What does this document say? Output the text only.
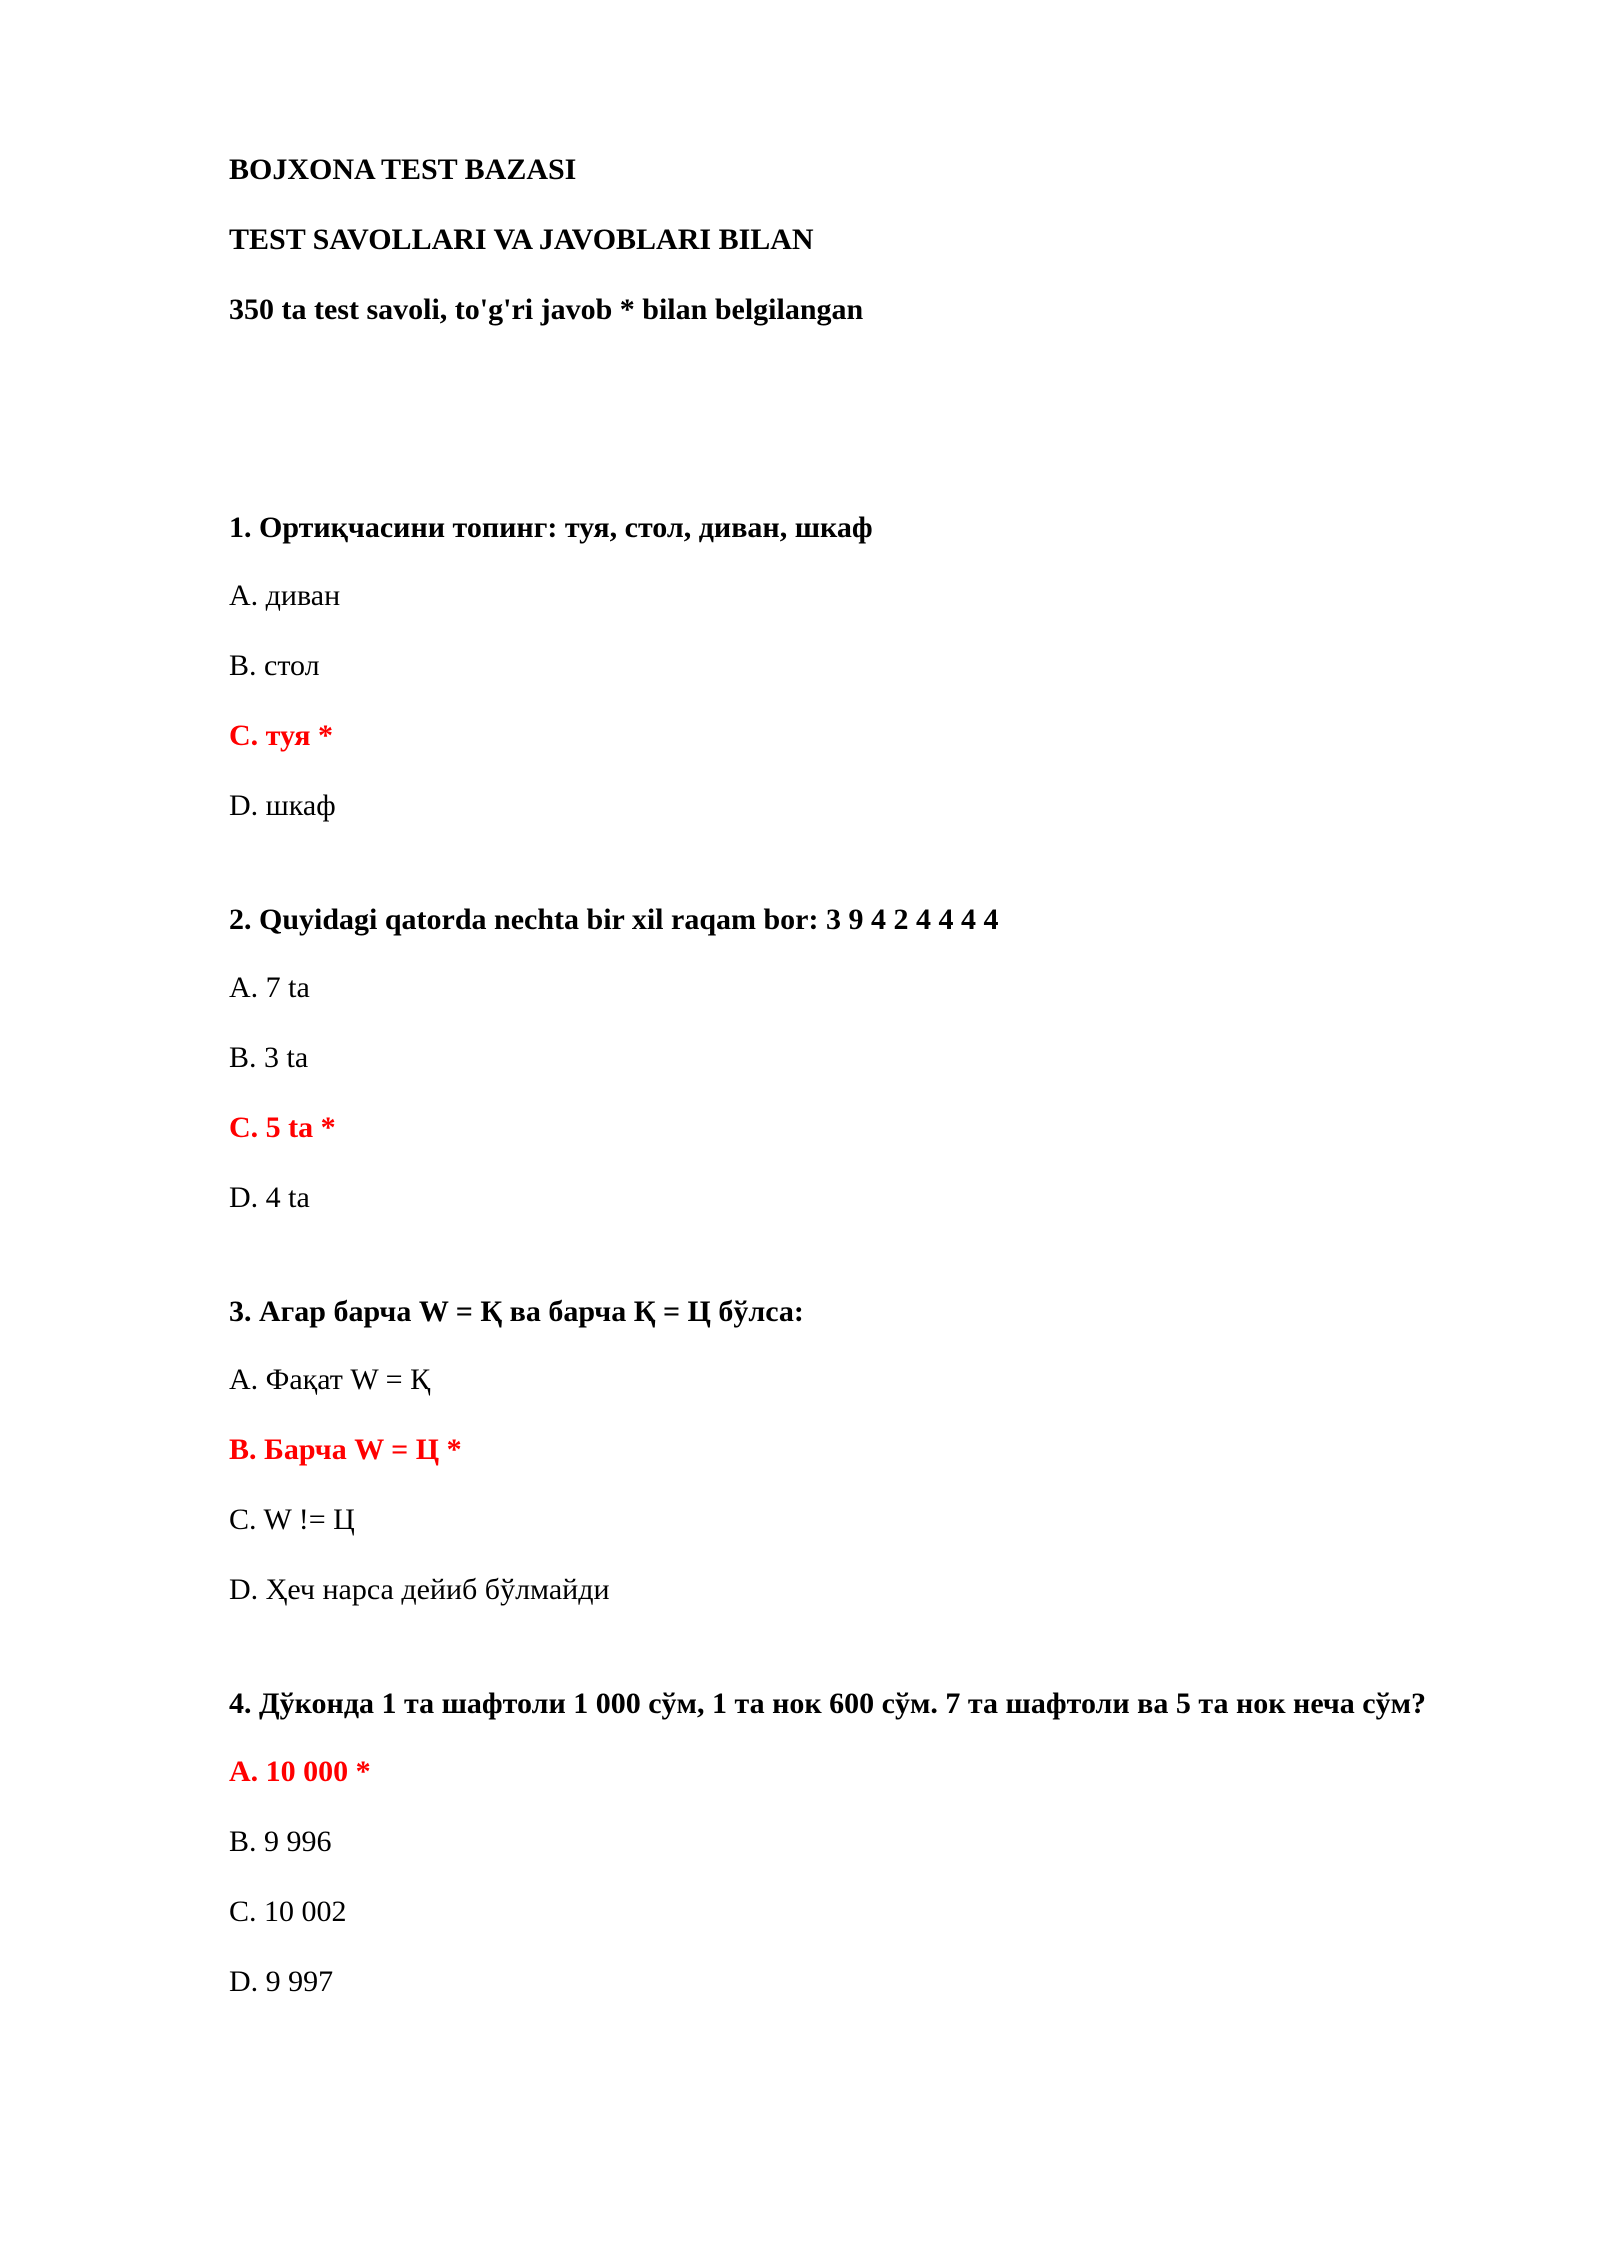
BOJXONA TEST BAZASI
TEST SAVOLLARI VA JAVOBLARI BILAN
350 ta test savoli, to'g'ri javob * bilan belgilangan
1. Ортиқчасини топинг: туя, стол, диван, шкаф
A. диван
B. стол
C. туя *
D. шкаф
2. Quyidagi qatorda nechta bir xil raqam bor: 3 9 4 2 4 4 4 4
A. 7 ta
B. 3 ta
C. 5 ta *
D. 4 ta
3. Агар барча W = Қ ва барча Қ = Ц бўлса:
A. Фақат W = Қ
B. Барча W = Ц *
C. W != Ц
D. Ҳеч нарса дейиб бўлмайди
4. Дўконда 1 та шафтоли 1 000 сўм, 1 та нок 600 сўм. 7 та шафтоли ва 5 та нок неча сўм?
A. 10 000 *
B. 9 996
C. 10 002
D. 9 997
